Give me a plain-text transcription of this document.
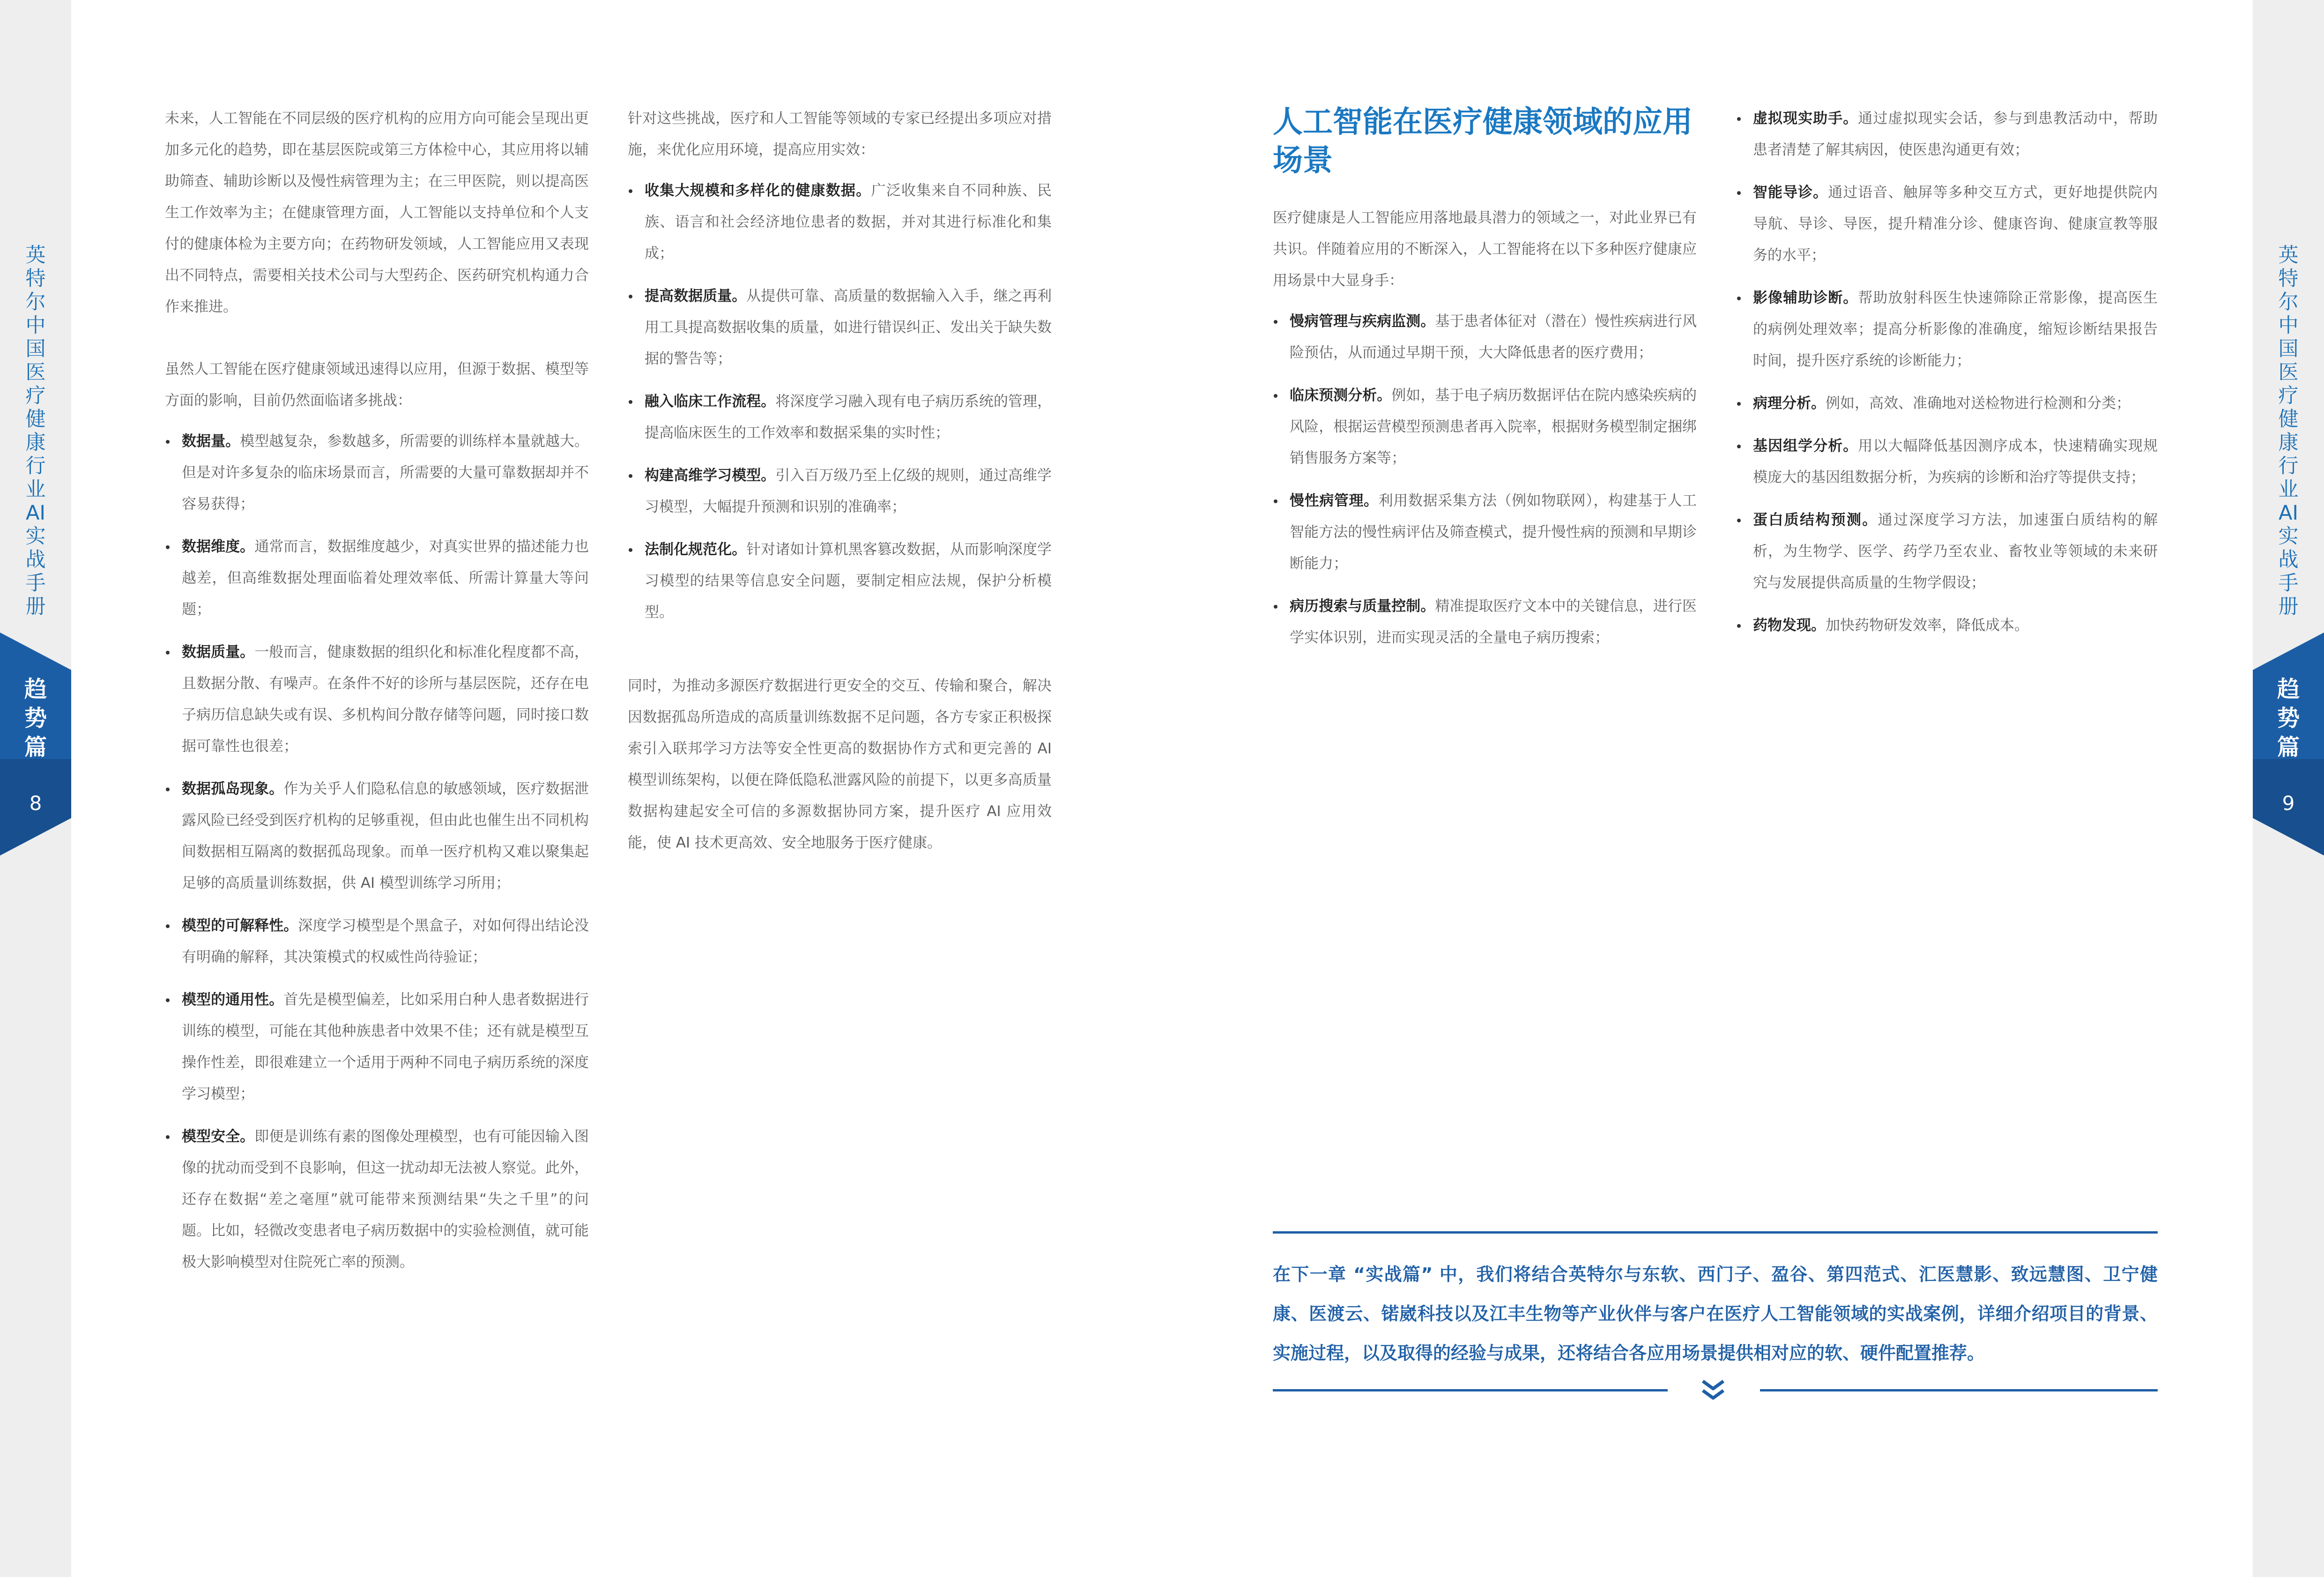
英
特
尔
中
国
医
疗
健
康
行
业
AI
实
战
手
册
趋
势
篇
8
英
特
尔
中
国
医
疗
健
康
行
业
AI
实
战
手
册
趋
势
篇
9

未来，人工智能在不同层级的医疗机构的应用方向可能会呈现出更加多元化的趋势，即在基层医院或第三方体检中心，其应用将以辅助筛查、辅助诊断以及慢性病管理为主；在三甲医院，则以提高医生工作效率为主；在健康管理方面，人工智能以支持单位和个人支付的健康体检为主要方向；在药物研发领域，人工智能应用又表现出不同特点，需要相关技术公司与大型药企、医药研究机构通力合作来推进。

虽然人工智能在医疗健康领域迅速得以应用，但源于数据、模型等方面的影响，目前仍然面临诸多挑战：

数据量。模型越复杂，参数越多，所需要的训练样本量就越大。但是对许多复杂的临床场景而言，所需要的大量可靠数据却并不容易获得；
数据维度。通常而言，数据维度越少，对真实世界的描述能力也越差，但高维数据处理面临着处理效率低、所需计算量大等问题；
数据质量。一般而言，健康数据的组织化和标准化程度都不高，且数据分散、有噪声。在条件不好的诊所与基层医院，还存在电子病历信息缺失或有误、多机构间分散存储等问题，同时接口数据可靠性也很差；
数据孤岛现象。作为关乎人们隐私信息的敏感领域，医疗数据泄露风险已经受到医疗机构的足够重视，但由此也催生出不同机构间数据相互隔离的数据孤岛现象。而单一医疗机构又难以聚集起足够的高质量训练数据，供 AI 模型训练学习所用；
模型的可解释性。深度学习模型是个黑盒子，对如何得出结论没有明确的解释，其决策模式的权威性尚待验证；
模型的通用性。首先是模型偏差，比如采用白种人患者数据进行训练的模型，可能在其他种族患者中效果不佳；还有就是模型互操作性差，即很难建立一个适用于两种不同电子病历系统的深度学习模型；
模型安全。即便是训练有素的图像处理模型，也有可能因输入图像的扰动而受到不良影响，但这一扰动却无法被人察觉。此外，还存在数据“差之毫厘”就可能带来预测结果“失之千里”的问题。比如，轻微改变患者电子病历数据中的实验检测值，就可能极大影响模型对住院死亡率的预测。

针对这些挑战，医疗和人工智能等领域的专家已经提出多项应对措施，来优化应用环境，提高应用实效：

收集大规模和多样化的健康数据。广泛收集来自不同种族、民族、语言和社会经济地位患者的数据，并对其进行标准化和集成；
提高数据质量。从提供可靠、高质量的数据输入入手，继之再利用工具提高数据收集的质量，如进行错误纠正、发出关于缺失数据的警告等；
融入临床工作流程。将深度学习融入现有电子病历系统的管理，提高临床医生的工作效率和数据采集的实时性；
构建高维学习模型。引入百万级乃至上亿级的规则，通过高维学习模型，大幅提升预测和识别的准确率；
法制化规范化。针对诸如计算机黑客篡改数据，从而影响深度学习模型的结果等信息安全问题，要制定相应法规，保护分析模型。

同时，为推动多源医疗数据进行更安全的交互、传输和聚合，解决因数据孤岛所造成的高质量训练数据不足问题，各方专家正积极探索引入联邦学习方法等安全性更高的数据协作方式和更完善的 AI 模型训练架构，以便在降低隐私泄露风险的前提下，以更多高质量数据构建起安全可信的多源数据协同方案，提升医疗 AI 应用效能，使 AI 技术更高效、安全地服务于医疗健康。

人工智能在医疗健康领域的应用场景

医疗健康是人工智能应用落地最具潜力的领域之一，对此业界已有共识。伴随着应用的不断深入，人工智能将在以下多种医疗健康应用场景中大显身手：

慢病管理与疾病监测。基于患者体征对（潜在）慢性疾病进行风险预估，从而通过早期干预，大大降低患者的医疗费用；
临床预测分析。例如，基于电子病历数据评估在院内感染疾病的风险，根据运营模型预测患者再入院率，根据财务模型制定捆绑销售服务方案等；
慢性病管理。利用数据采集方法（例如物联网），构建基于人工智能方法的慢性病评估及筛查模式，提升慢性病的预测和早期诊断能力；
病历搜索与质量控制。精准提取医疗文本中的关键信息，进行医学实体识别，进而实现灵活的全量电子病历搜索；
虚拟现实助手。通过虚拟现实会话，参与到患教活动中，帮助患者清楚了解其病因，使医患沟通更有效；
智能导诊。通过语音、触屏等多种交互方式，更好地提供院内导航、导诊、导医，提升精准分诊、健康咨询、健康宣教等服务的水平；
影像辅助诊断。帮助放射科医生快速筛除正常影像，提高医生的病例处理效率；提高分析影像的准确度，缩短诊断结果报告时间，提升医疗系统的诊断能力；
病理分析。例如，高效、准确地对送检物进行检测和分类；
基因组学分析。用以大幅降低基因测序成本，快速精确实现规模庞大的基因组数据分析，为疾病的诊断和治疗等提供支持；
蛋白质结构预测。通过深度学习方法，加速蛋白质结构的解析，为生物学、医学、药学乃至农业、畜牧业等领域的未来研究与发展提供高质量的生物学假设；
药物发现。加快药物研发效率，降低成本。
在下一章 “实战篇” 中，我们将结合英特尔与东软、西门子、盈谷、第四范式、汇医慧影、致远慧图、卫宁健康、医渡云、锘崴科技以及江丰生物等产业伙伴与客户在医疗人工智能领域的实战案例，详细介绍项目的背景、实施过程，以及取得的经验与成果，还将结合各应用场景提供相对应的软、硬件配置推荐。
